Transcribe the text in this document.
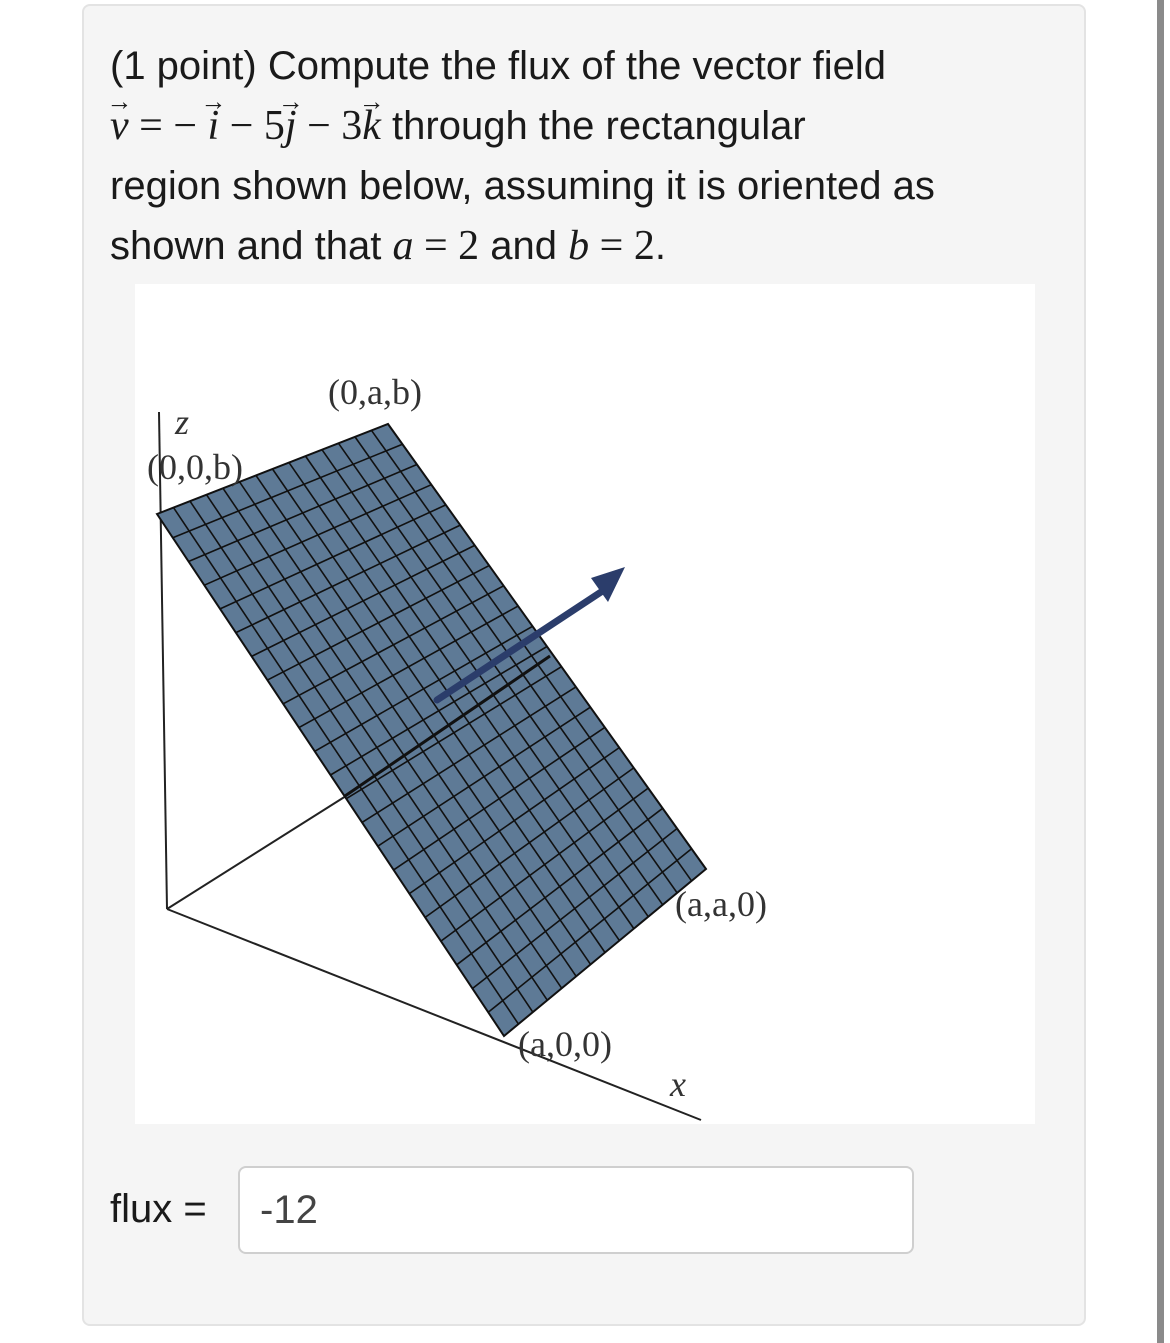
(1 point) Compute the flux of the vector field
→ v = − → i − 5→ j − 3→ k through the rectangular
region shown below, assuming it is oriented as
shown and that a = 2 and b = 2.
(0,a,b)
z
(0,0,b)
(a,a,0)
(a,0,0)
x
flux =
-12
